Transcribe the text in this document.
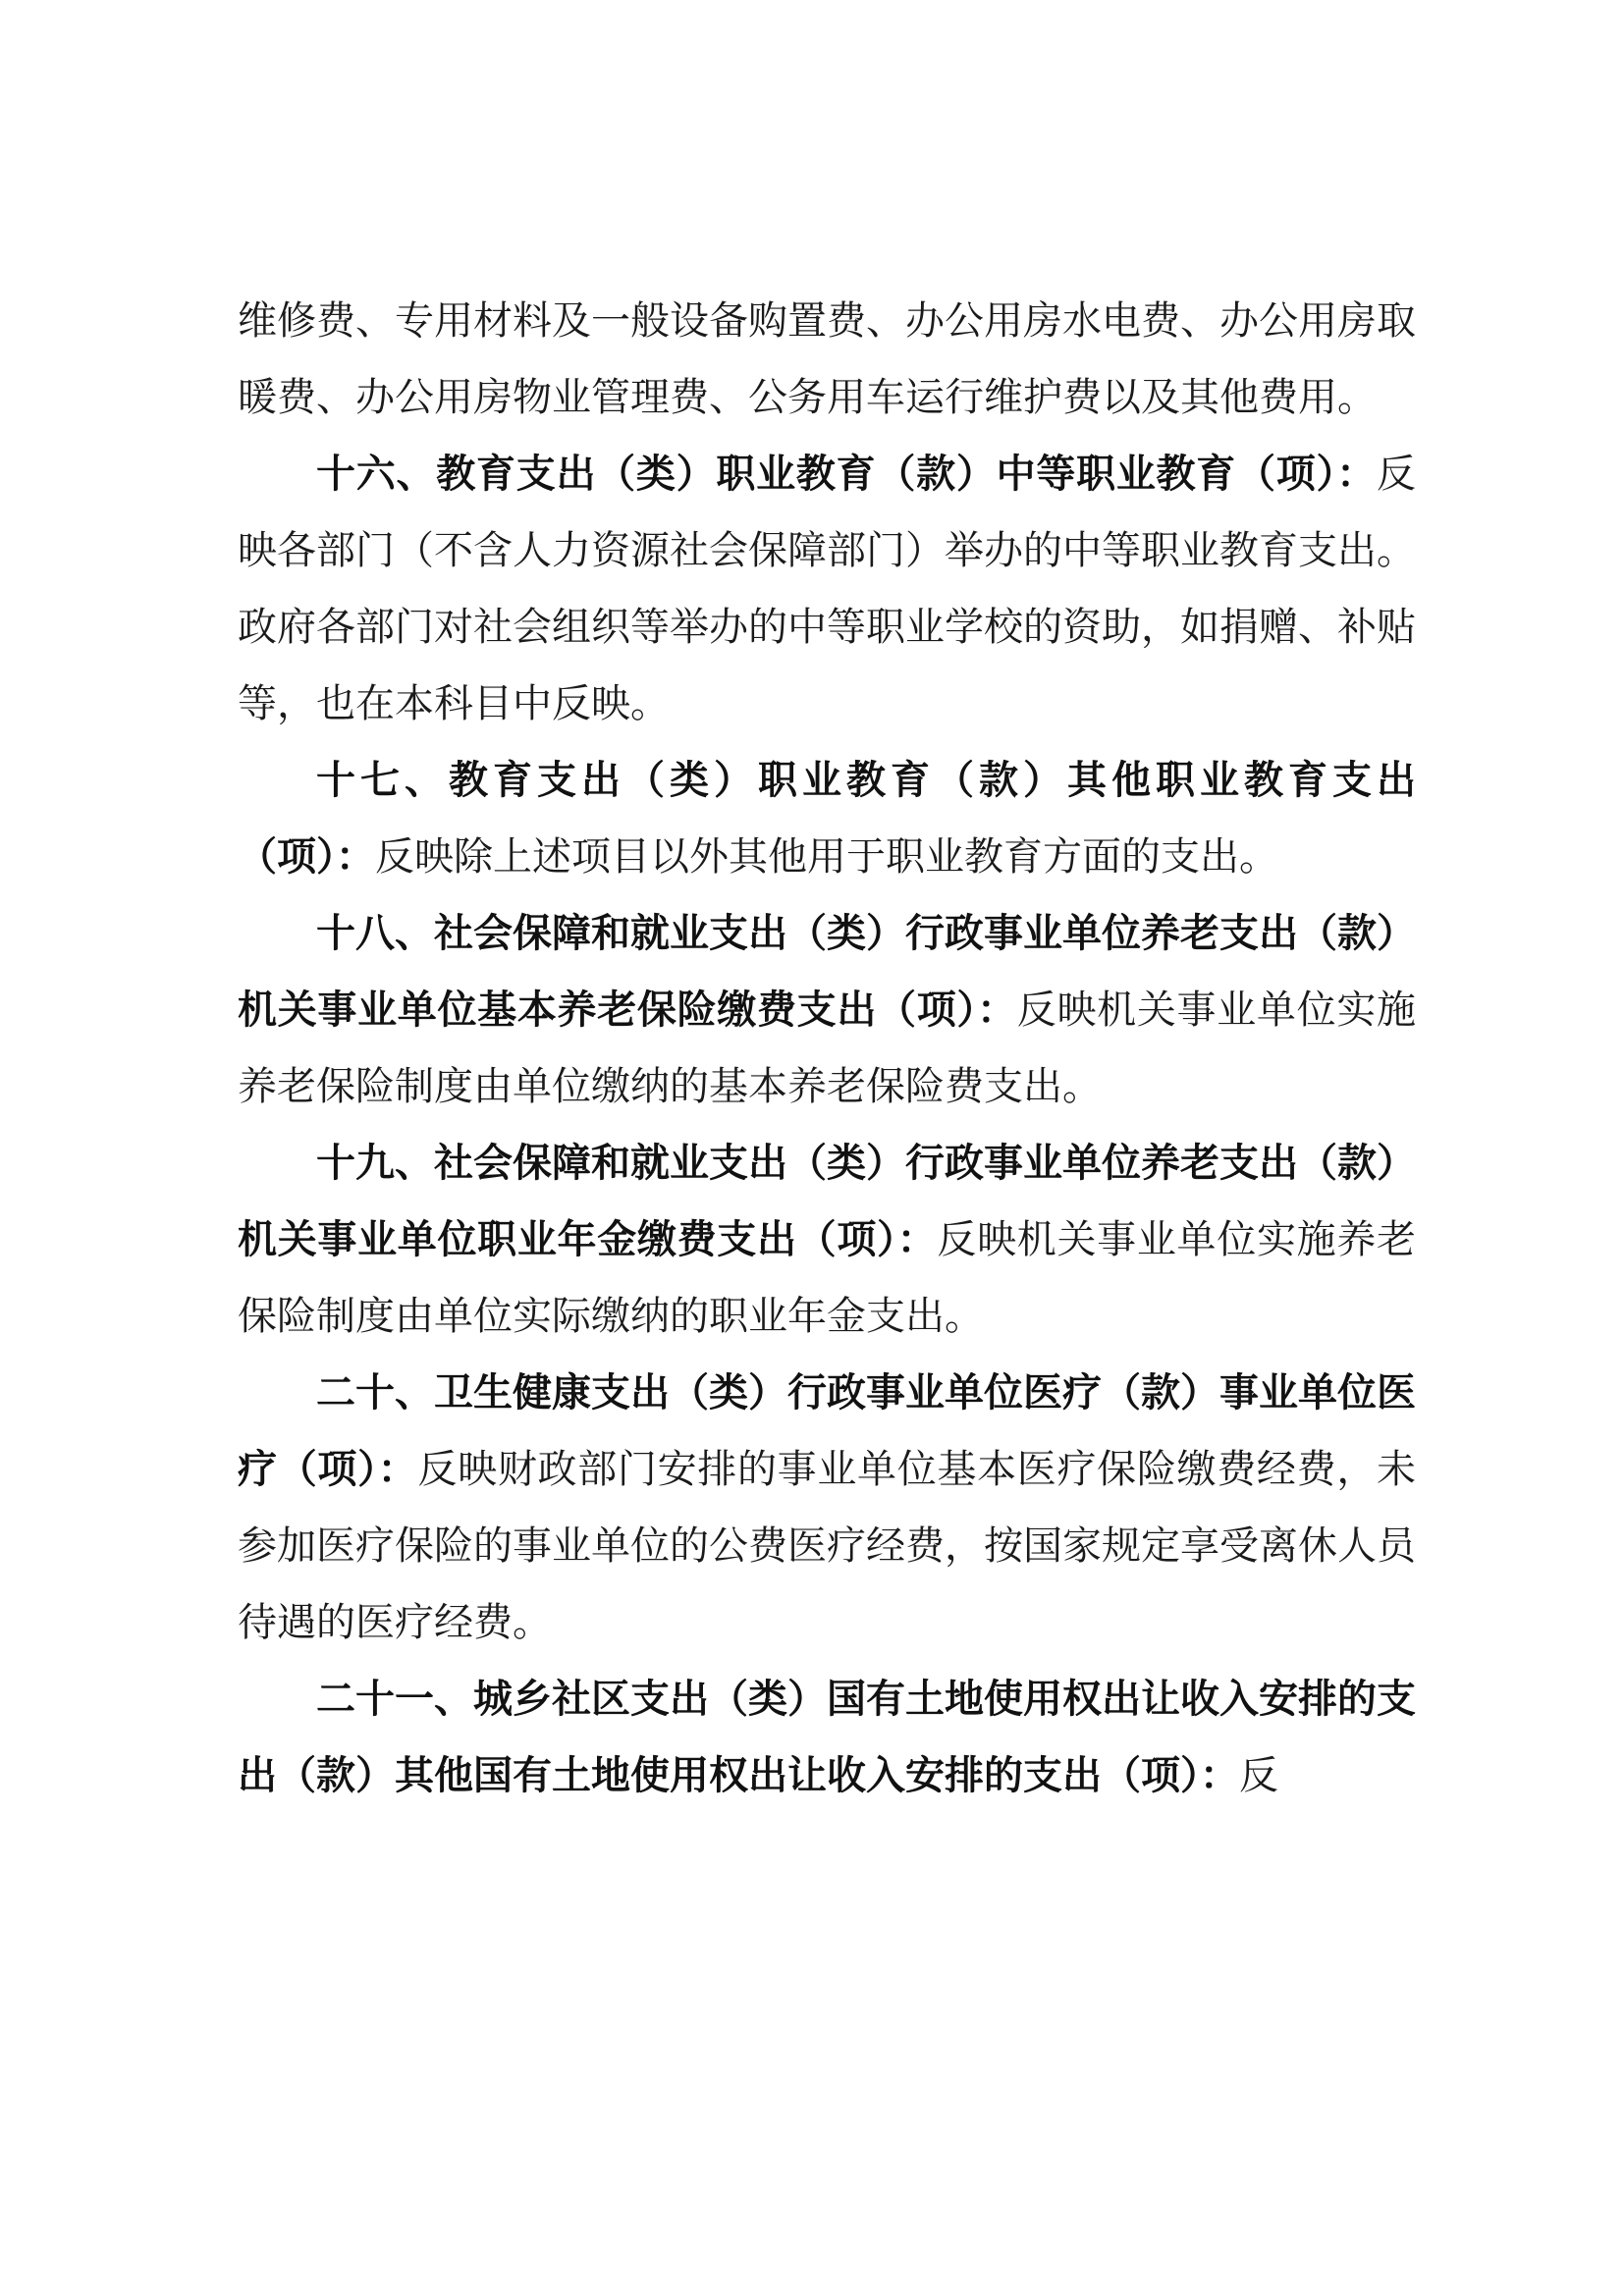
维修费、专用材料及一般设备购置费、办公用房水电费、办公用房取暖费、办公用房物业管理费、公务用车运行维护费以及其他费用。

十六、教育支出（类）职业教育（款）中等职业教育（项）：反映各部门（不含人力资源社会保障部门）举办的中等职业教育支出。政府各部门对社会组织等举办的中等职业学校的资助，如捐赠、补贴等，也在本科目中反映。

十七、教育支出（类）职业教育（款）其他职业教育支出（项）：反映除上述项目以外其他用于职业教育方面的支出。

十八、社会保障和就业支出（类）行政事业单位养老支出（款）机关事业单位基本养老保险缴费支出（项）：反映机关事业单位实施养老保险制度由单位缴纳的基本养老保险费支出。

十九、社会保障和就业支出（类）行政事业单位养老支出（款）机关事业单位职业年金缴费支出（项）：反映机关事业单位实施养老保险制度由单位实际缴纳的职业年金支出。

二十、卫生健康支出（类）行政事业单位医疗（款）事业单位医疗（项）：反映财政部门安排的事业单位基本医疗保险缴费经费，未参加医疗保险的事业单位的公费医疗经费，按国家规定享受离休人员待遇的医疗经费。

二十一、城乡社区支出（类）国有土地使用权出让收入安排的支出（款）其他国有土地使用权出让收入安排的支出（项）：反
